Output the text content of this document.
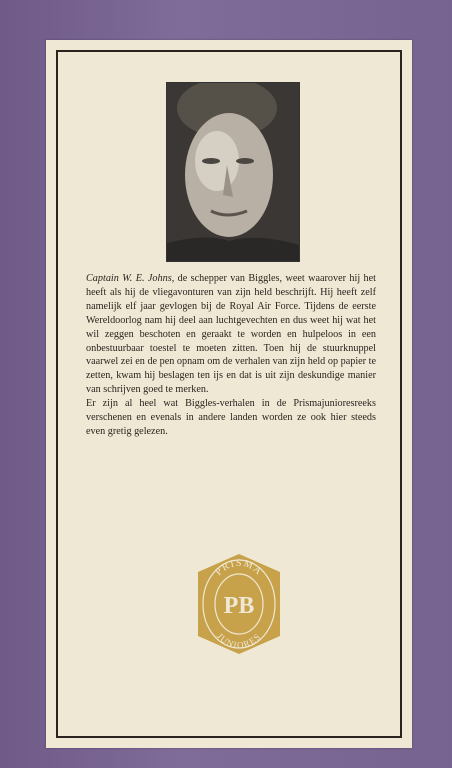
Captain W. E. Johns, de schepper van Biggles, weet waarover hij het heeft als hij de vliegavonturen van zijn held beschrijft. Hij heeft zelf namelijk elf jaar gevlogen bij de Royal Air Force. Tijdens de eerste Wereldoorlog nam hij deel aan luchtgevechten en dus weet hij wat het wil zeggen beschoten en geraakt te worden en hulpeloos in een onbestuurbaar toestel te moeten zitten. Toen hij de stuurknuppel vaarwel zei en de pen opnam om de verhalen van zijn held op papier te zetten, kwam hij beslagen ten ijs en dat is uit zijn deskundige manier van schrijven goed te merken.

Er zijn al heel wat Biggles-verhalen in de Prismajunioresreeks verschenen en evenals in andere landen worden ze ook hier steeds even gretig gelezen.

PRISMA
JUNIORES
PB
